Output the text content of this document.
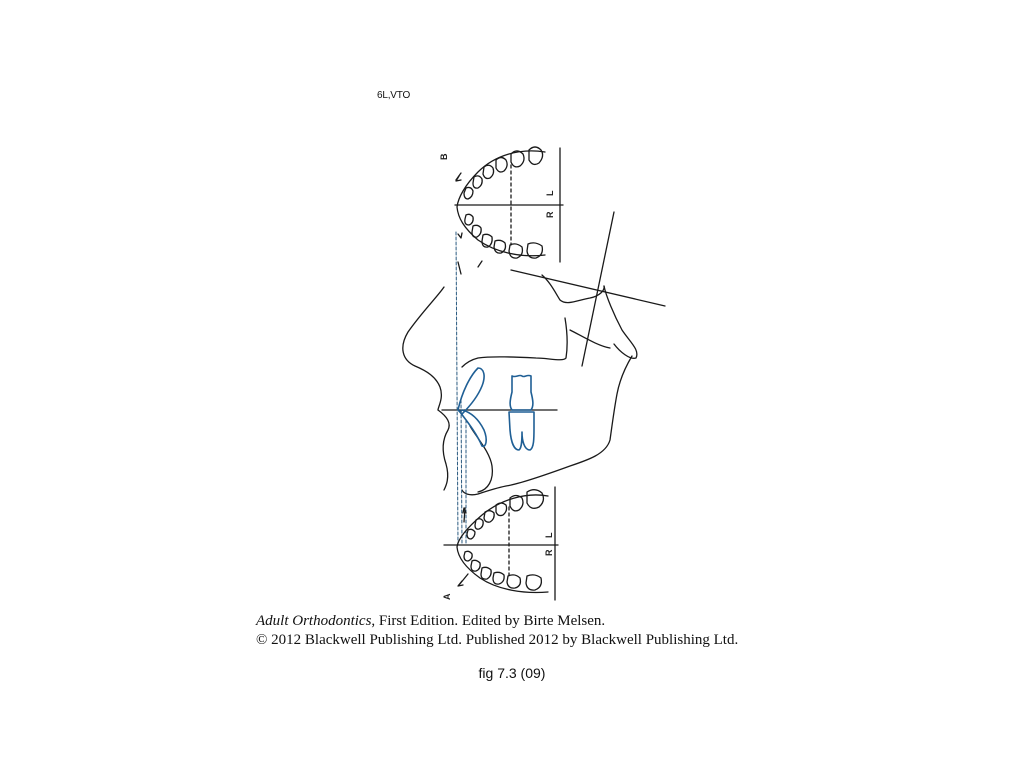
6L,VTO
B
R
L
A
R
L
Adult Orthodontics, First Edition. Edited by Birte Melsen.
© 2012 Blackwell Publishing Ltd. Published 2012 by Blackwell Publishing Ltd.
fig 7.3 (09)
